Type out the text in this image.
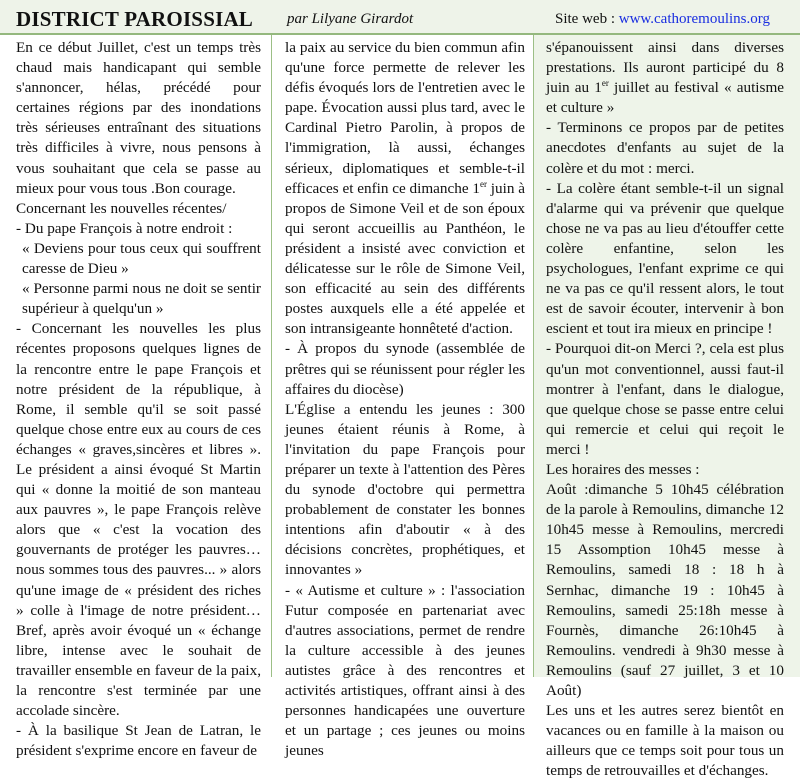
DISTRICT PAROISSIAL par Lilyane Girardot	Site web : www.cathoremoulins.org

En ce début Juillet, c'est un temps très chaud mais handicapant qui semble s'annoncer, hélas, précédé pour certaines régions par des inondations très sérieuses entraînant des situations très difficiles à vivre, nous pensons à vous souhaitant que cela se passe au mieux pour vous tous .Bon courage.

Concernant les nouvelles récentes/

- Du pape François à notre endroit :

« Deviens pour tous ceux qui souffrent caresse de Dieu »

« Personne parmi nous ne doit se sentir supérieur à quelqu'un »

- Concernant les nouvelles les plus récentes proposons quelques lignes de la rencontre entre le pape François et notre président de la république, à Rome, il semble qu'il se soit passé quelque chose entre eux au cours de ces échanges « graves,sincères et libres ». Le président a ainsi évoqué St Martin qui « donne la moitié de son manteau aux pauvres », le pape François relève alors que « c'est la vocation des gouvernants de protéger les pauvres… nous sommes tous des pauvres... » alors qu'une image de « président des riches » colle à l'image de notre président… Bref, après avoir évoqué un « échange libre, intense avec le souhait de travailler ensemble en faveur de la paix, la rencontre s'est terminée par une accolade sincère.

- À la basilique St Jean de Latran, le président s'exprime encore en faveur de

la paix au service du bien commun afin qu'une force permette de relever les défis évoqués lors de l'entretien avec le pape. Évocation aussi plus tard, avec le Cardinal Pietro Parolin, à propos de l'immigration, là aussi, échanges sérieux, diplomatiques et semble-t-il efficaces et enfin ce dimanche 1er juin à propos de Simone Veil et de son époux qui seront accueillis au Panthéon, le président a insisté avec conviction et délicatesse sur le rôle de Simone Veil, son efficacité au sein des différents postes auxquels elle a été appelée et son intransigeante honnêteté d'action.

- À propos du synode (assemblée de prêtres qui se réunissent pour régler les affaires du diocèse)

L'Église a entendu les jeunes : 300 jeunes étaient réunis à Rome, à l'invitation du pape François pour préparer un texte à l'attention des Pères du synode d'octobre qui permettra probablement de constater les bonnes intentions afin d'aboutir « à des décisions concrètes, prophétiques, et innovantes »

- « Autisme et culture » : l'association Futur composée en partenariat avec d'autres associations, permet de rendre la culture accessible à des jeunes autistes grâce à des rencontres et activités artistiques, offrant ainsi à des personnes handicapées une ouverture et un partage ; ces jeunes ou moins jeunes

s'épanouissent ainsi dans diverses prestations. Ils auront participé du 8 juin au 1er juillet au festival « autisme et culture »

- Terminons ce propos par de petites anecdotes d'enfants au sujet de la colère et du mot : merci.

- La colère étant semble-t-il un signal d'alarme qui va prévenir que quelque chose ne va pas au lieu d'étouffer cette colère enfantine, selon les psychologues, l'enfant exprime ce qui ne va pas ce qu'il ressent alors, le tout est de savoir écouter, intervenir à bon escient et tout ira mieux en principe !

- Pourquoi dit-on Merci ?, cela est plus qu'un mot conventionnel, aussi faut-il montrer à l'enfant, dans le dialogue, que quelque chose se passe entre celui qui remercie et celui qui reçoit le merci !

Les horaires des messes :

Août :dimanche 5 10h45 célébration de la parole à Remoulins, dimanche 12 10h45 messe à Remoulins, mercredi 15 Assomption 10h45 messe à Remoulins, samedi 18 : 18 h à Sernhac, dimanche 19 : 10h45 à Remoulins, samedi 25:18h messe à Fournès, dimanche 26:10h45 à Remoulins. vendredi à 9h30 messe à Remoulins (sauf 27 juillet, 3 et 10 Août)

Les uns et les autres serez bientôt en vacances ou en famille à la maison ou ailleurs que ce temps soit pour tous un temps de retrouvailles et d'échanges.
